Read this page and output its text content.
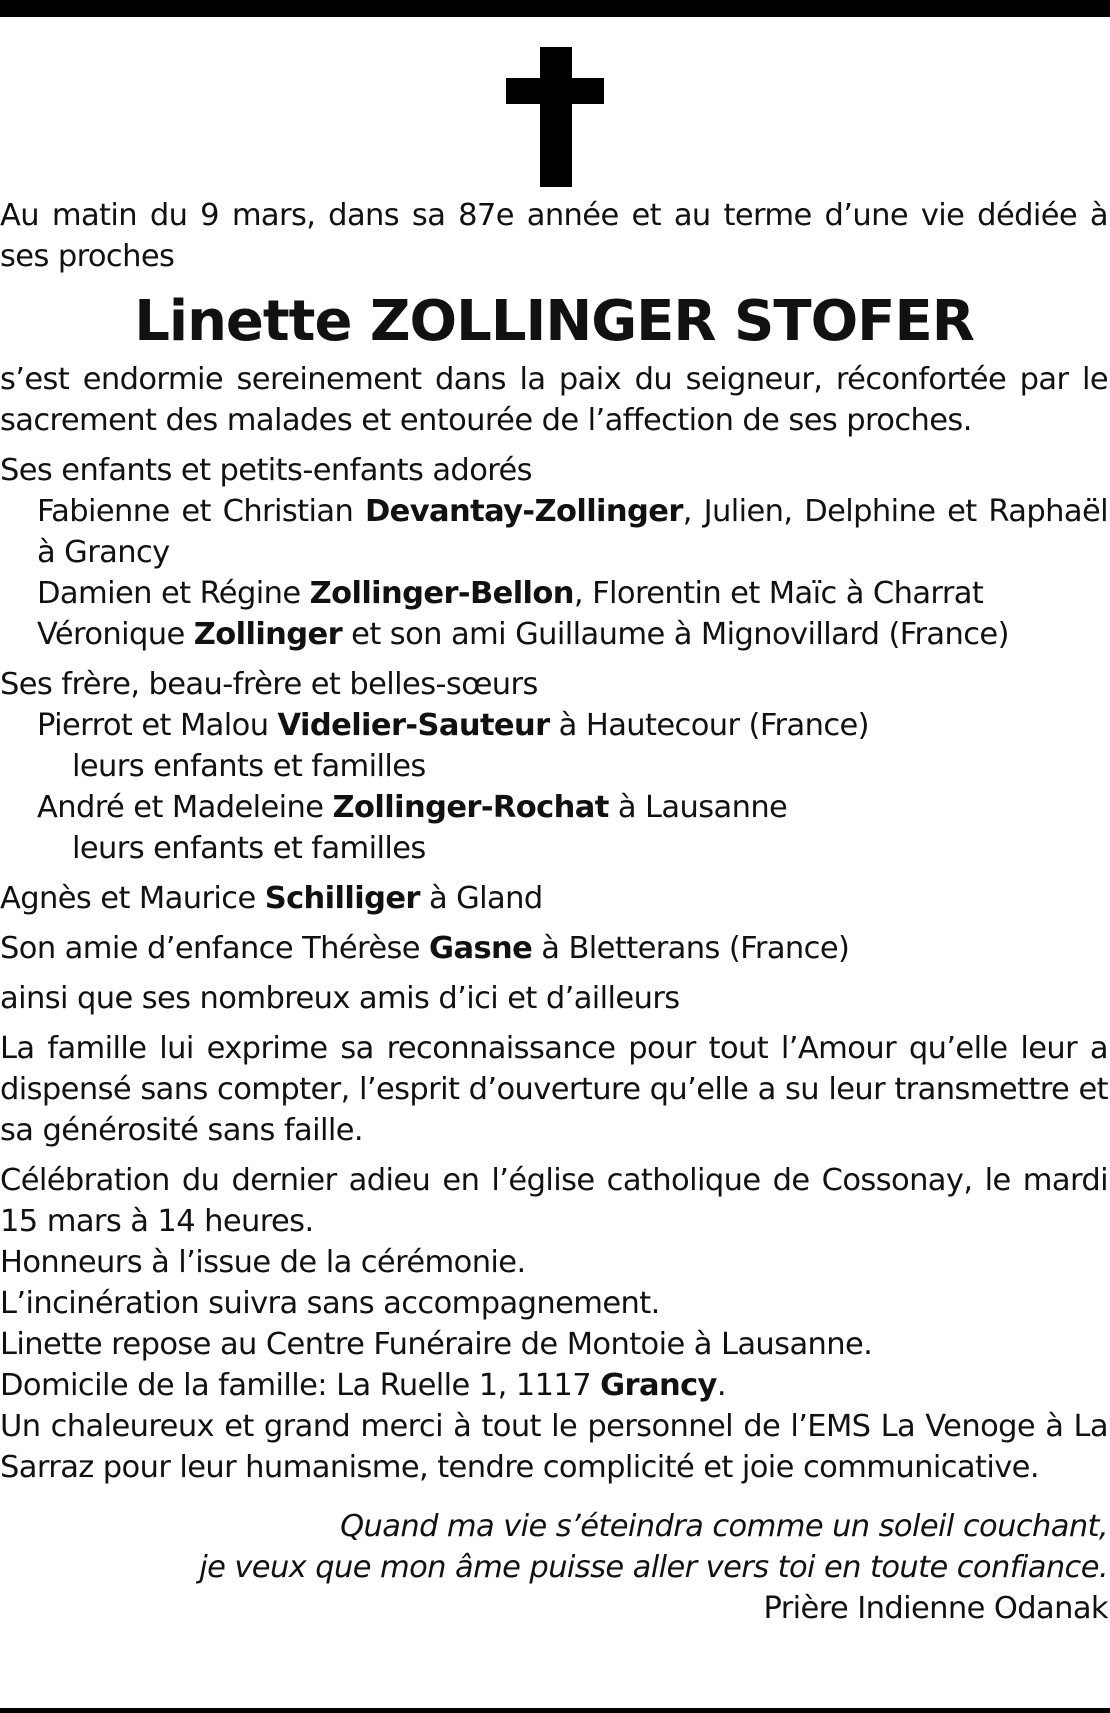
Au matin du 9 mars, dans sa 87e année et au terme d’une vie dédiée à ses proches

Linette ZOLLINGER STOFER

s’est endormie sereinement dans la paix du seigneur, réconfortée par le sacrement des malades et entourée de l’affection de ses proches.

Ses enfants et petits-enfants adorés

Fabienne et Christian Devantay-Zollinger, Julien, Delphine et Raphaël à Grancy

Damien et Régine Zollinger-Bellon, Florentin et Maïc à Charrat

Véronique Zollinger et son ami Guillaume à Mignovillard (France)

Ses frère, beau-frère et belles-sœurs

Pierrot et Malou Videlier-Sauteur à Hautecour (France)

leurs enfants et familles

André et Madeleine Zollinger-Rochat à Lausanne

leurs enfants et familles

Agnès et Maurice Schilliger à Gland

Son amie d’enfance Thérèse Gasne à Bletterans (France)

ainsi que ses nombreux amis d’ici et d’ailleurs

La famille lui exprime sa reconnaissance pour tout l’Amour qu’elle leur a dispensé sans compter, l’esprit d’ouverture qu’elle a su leur transmettre et sa générosité sans faille.

Célébration du dernier adieu en l’église catholique de Cossonay, le mardi 15 mars à 14 heures.

Honneurs à l’issue de la cérémonie.

L’incinération suivra sans accompagnement.

Linette repose au Centre Funéraire de Montoie à Lausanne.

Domicile de la famille: La Ruelle 1, 1117 Grancy.

Un chaleureux et grand merci à tout le personnel de l’EMS La Venoge à La Sarraz pour leur humanisme, tendre complicité et joie communicative.

Quand ma vie s’éteindra comme un soleil couchant,

je veux que mon âme puisse aller vers toi en toute confiance.

Prière Indienne Odanak
